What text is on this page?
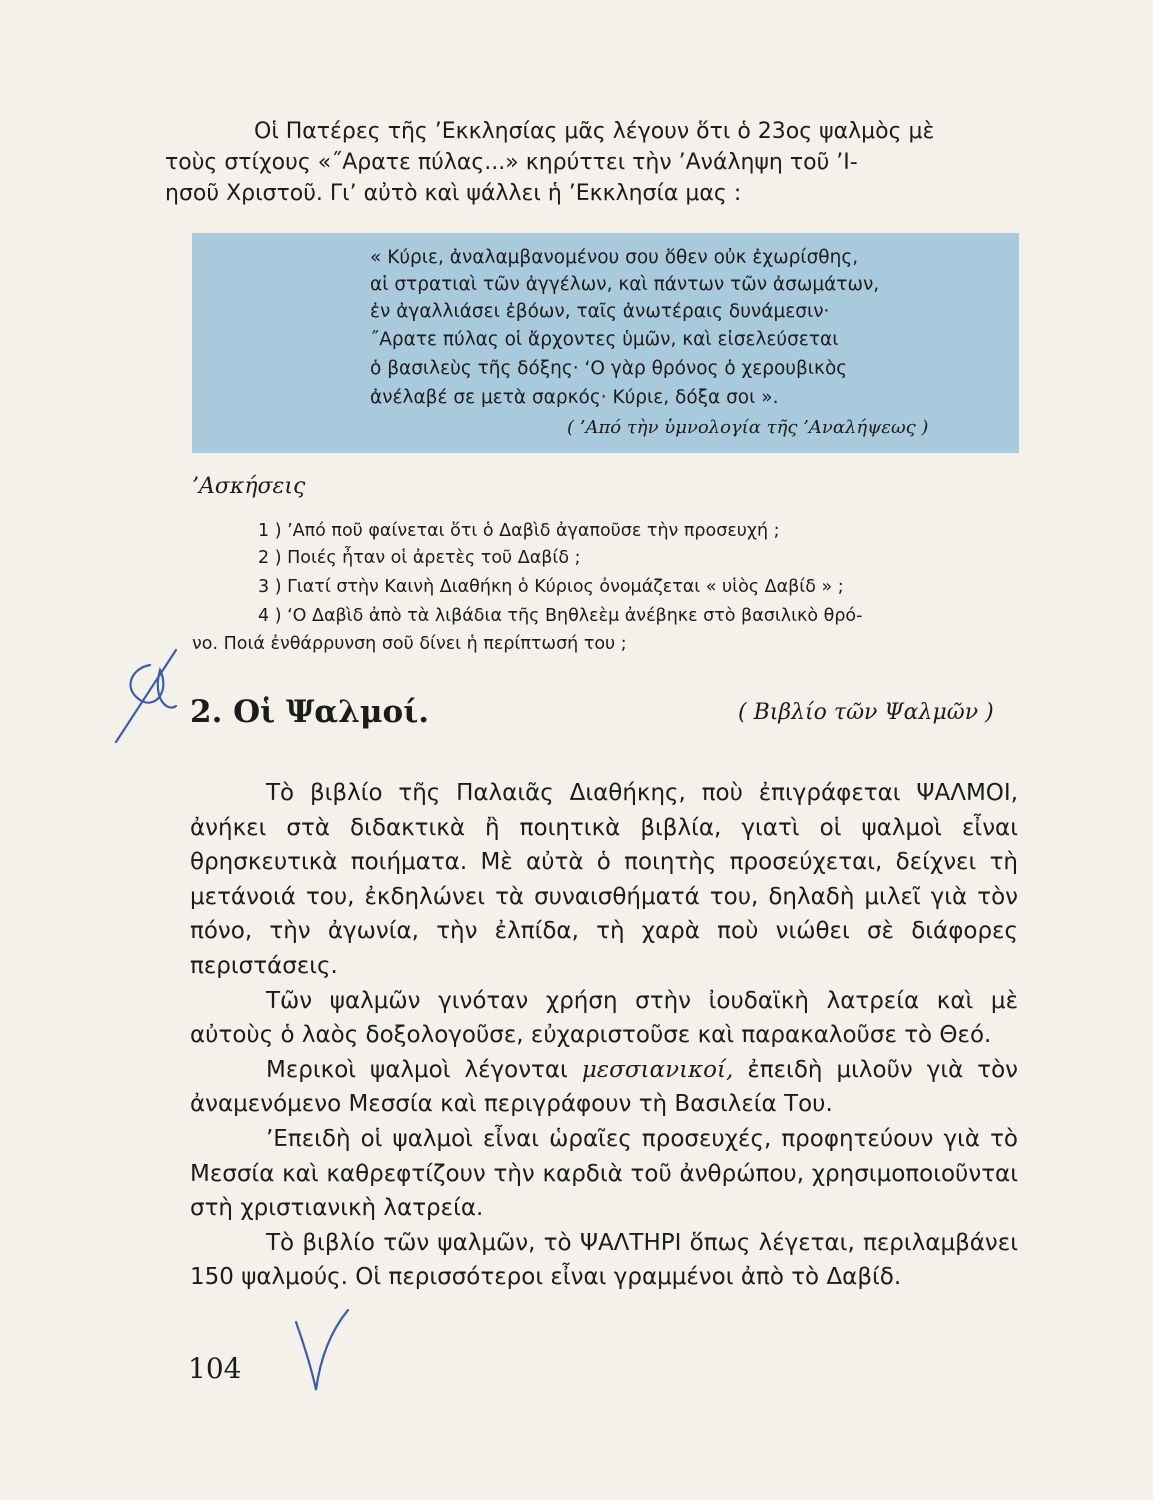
Οἱ Πατέρες τῆς ’Εκκλησίας μᾶς λέγουν ὅτι ὁ 23ος ψαλμὸς μὲ
τοὺς στίχους «˝Αρατε πύλας...» κηρύττει τὴν ’Ανάληψη τοῦ ’Ι-
ησοῦ Χριστοῦ. Γι’ αὐτὸ καὶ ψάλλει ἡ ’Εκκλησία μας :
« Κύριε, ἀναλαμβανομένου σου ὅθεν οὐκ ἐχωρίσθης,
αἱ στρατιαὶ τῶν ἀγγέλων, καὶ πάντων τῶν ἀσωμάτων,
ἐν ἀγαλλιάσει ἐβόων, ταῖς ἀνωτέραις δυνάμεσιν·
˝Αρατε πύλας οἱ ἄρχοντες ὑμῶν, καὶ εἰσελεύσεται
ὁ βασιλεὺς τῆς δόξης· ‘Ο γὰρ θρόνος ὁ χερουβικὸς
ἀνέλαβέ σε μετὰ σαρκός· Κύριε, δόξα σοι ».
( ’Από τὴν ὑμνολογία τῆς ’Αναλήψεως )
’Ασκήσεις
1 ) ’Από ποῦ φαίνεται ὅτι ὁ Δαβὶδ ἀγαποῦσε τὴν προσευχή ;
2 ) Ποιές ἦταν οἱ ἀρετὲς τοῦ Δαβίδ ;
3 ) Γιατί στὴν Καινὴ Διαθήκη ὁ Κύριος ὀνομάζεται « υἱὸς Δαβίδ » ;
4 ) ‘Ο Δαβὶδ ἀπὸ τὰ λιβάδια τῆς Βηθλεὲμ ἀνέβηκε στὸ βασιλικὸ θρό-
νο. Ποιά ἐνθάρρυνση σοῦ δίνει ἡ περίπτωσή του ;
2. Οἱ Ψαλμοί.	( Βιβλίο τῶν Ψαλμῶν )

Τὸ βιβλίο τῆς Παλαιᾶς Διαθήκης, ποὺ ἐπιγράφεται ΨΑΛΜΟΙ, ἀνήκει στὰ διδακτικὰ ἢ ποιητικὰ βιβλία, γιατὶ οἱ ψαλμοὶ εἶναι θρησκευτικὰ ποιήματα. Μὲ αὐτὰ ὁ ποιητὴς προσεύχεται, δείχνει τὴ μετάνοιά του, ἐκδηλώνει τὰ συναισθήματά του, δηλαδὴ μιλεῖ γιὰ τὸν πόνο, τὴν ἀγωνία, τὴν ἐλπίδα, τὴ χαρὰ ποὺ νιώθει σὲ διάφορες περιστάσεις.

Τῶν ψαλμῶν γινόταν χρήση στὴν ἰουδαϊκὴ λατρεία καὶ μὲ αὐτοὺς ὁ λαὸς δοξολογοῦσε, εὐχαριστοῦσε καὶ παρακαλοῦσε τὸ Θεό.

Μερικοὶ ψαλμοὶ λέγονται μεσσιανικοί, ἐπειδὴ μιλοῦν γιὰ τὸν ἀναμενόμενο Μεσσία καὶ περιγράφουν τὴ Βασιλεία Του.

’Επειδὴ οἱ ψαλμοὶ εἶναι ὡραῖες προσευχές, προφητεύουν γιὰ τὸ Μεσσία καὶ καθρεφτίζουν τὴν καρδιὰ τοῦ ἀνθρώπου, χρησιμοποιοῦνται στὴ χριστιανικὴ λατρεία.

Τὸ βιβλίο τῶν ψαλμῶν, τὸ ΨΑΛΤΗΡΙ ὅπως λέγεται, περιλαμβάνει 150 ψαλμούς. Οἱ περισσότεροι εἶναι γραμμένοι ἀπὸ τὸ Δαβίδ.

104
